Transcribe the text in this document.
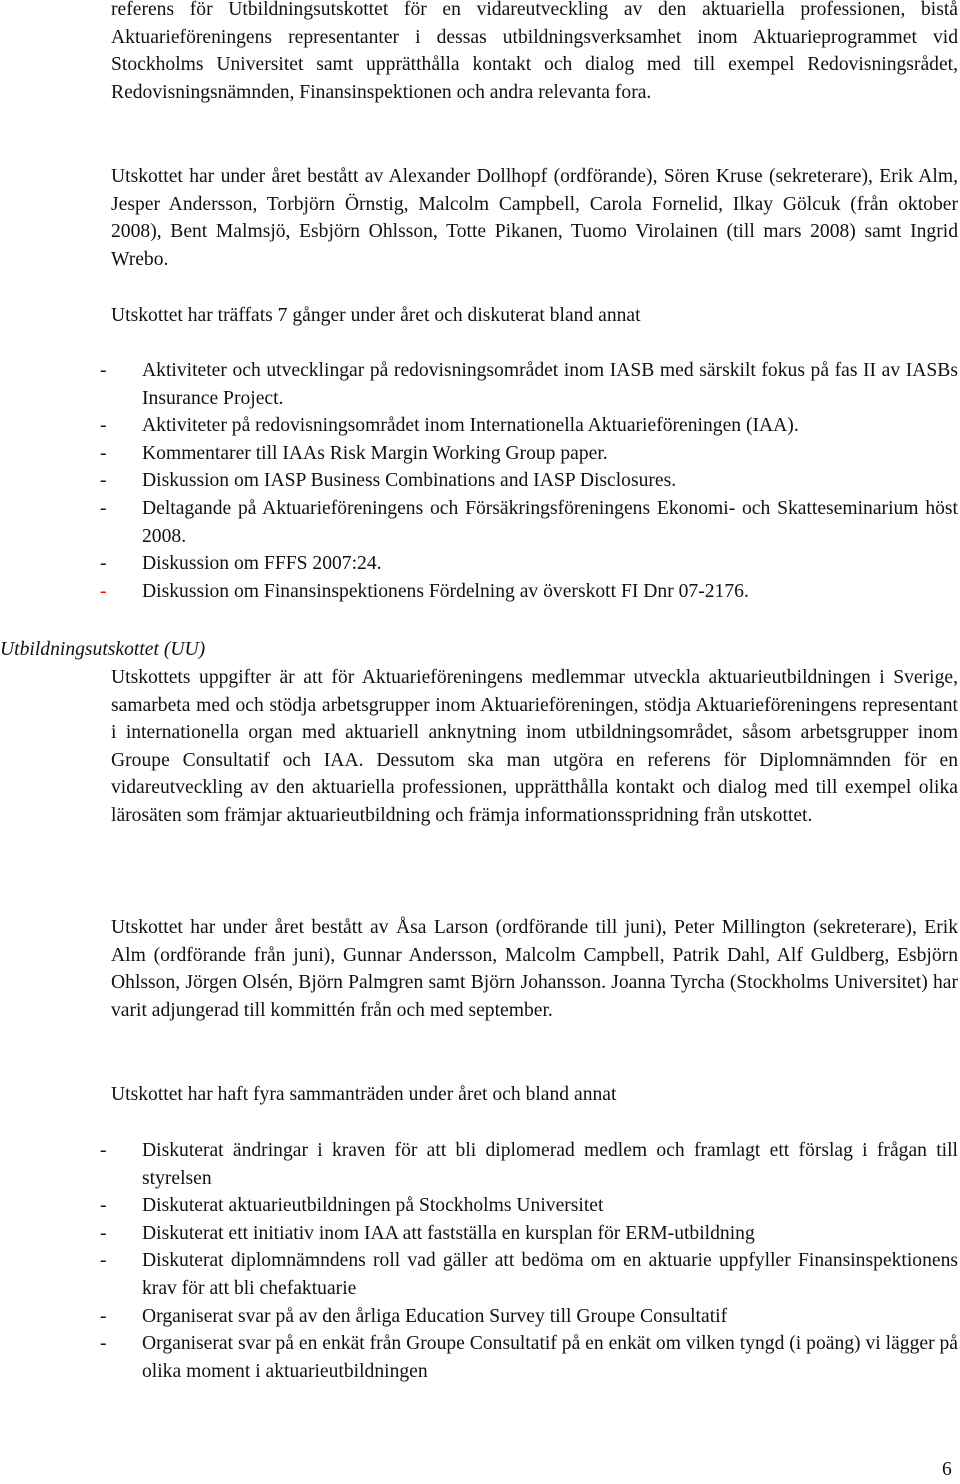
referens för Utbildningsutskottet för en vidareutveckling av den aktuariella professionen, bistå Aktuarieföreningens representanter i dessas utbildningsverksamhet inom Aktuarieprogrammet vid Stockholms Universitet samt upprätthålla kontakt och dialog med till exempel Redovisningsrådet, Redovisningsnämnden, Finansinspektionen och andra relevanta fora.

Utskottet har under året bestått av Alexander Dollhopf (ordförande), Sören Kruse (sekreterare), Erik Alm, Jesper Andersson, Torbjörn Örnstig, Malcolm Campbell, Carola Fornelid, Ilkay Gölcuk (från oktober 2008), Bent Malmsjö, Esbjörn Ohlsson, Totte Pikanen, Tuomo Virolainen (till mars 2008) samt Ingrid Wrebo.

Utskottet har träffats 7 gånger under året och diskuterat bland annat

- Aktiviteter och utvecklingar på redovisningsområdet inom IASB med särskilt fokus på fas II av IASBs Insurance Project.
- Aktiviteter på redovisningsområdet inom Internationella Aktuarieföreningen (IAA).
- Kommentarer till IAAs Risk Margin Working Group paper.
- Diskussion om IASP Business Combinations and IASP Disclosures.
- Deltagande på Aktuarieföreningens och Försäkringsföreningens Ekonomi- och Skatteseminarium höst 2008.
- Diskussion om FFFS 2007:24.
- Diskussion om Finansinspektionens Fördelning av överskott FI Dnr 07-2176.
Utbildningsutskottet (UU)

Utskottets uppgifter är att för Aktuarieföreningens medlemmar utveckla aktuarieutbildningen i Sverige, samarbeta med och stödja arbetsgrupper inom Aktuarieföreningen, stödja Aktuarieföreningens representant i internationella organ med aktuariell anknytning inom utbildningsområdet, såsom arbetsgrupper inom Groupe Consultatif och IAA. Dessutom ska man utgöra en referens för Diplomnämnden för en vidareutveckling av den aktuariella professionen, upprätthålla kontakt och dialog med till exempel olika lärosäten som främjar aktuarieutbildning och främja informationsspridning från utskottet.

Utskottet har under året bestått av Åsa Larson (ordförande till juni), Peter Millington (sekreterare), Erik Alm (ordförande från juni), Gunnar Andersson, Malcolm Campbell, Patrik Dahl, Alf Guldberg, Esbjörn Ohlsson, Jörgen Olsén, Björn Palmgren samt Björn Johansson. Joanna Tyrcha (Stockholms Universitet) har varit adjungerad till kommittén från och med september.

Utskottet har haft fyra sammanträden under året och bland annat

- Diskuterat ändringar i kraven för att bli diplomerad medlem och framlagt ett förslag i frågan till styrelsen
- Diskuterat aktuarieutbildningen på Stockholms Universitet
- Diskuterat ett initiativ inom IAA att fastställa en kursplan för ERM-utbildning
- Diskuterat diplomnämndens roll vad gäller att bedöma om en aktuarie uppfyller Finansinspektionens krav för att bli chefaktuarie
- Organiserat svar på av den årliga Education Survey till Groupe Consultatif
- Organiserat svar på en enkät från Groupe Consultatif på en enkät om vilken tyngd (i poäng) vi lägger på olika moment i aktuarieutbildningen
6
